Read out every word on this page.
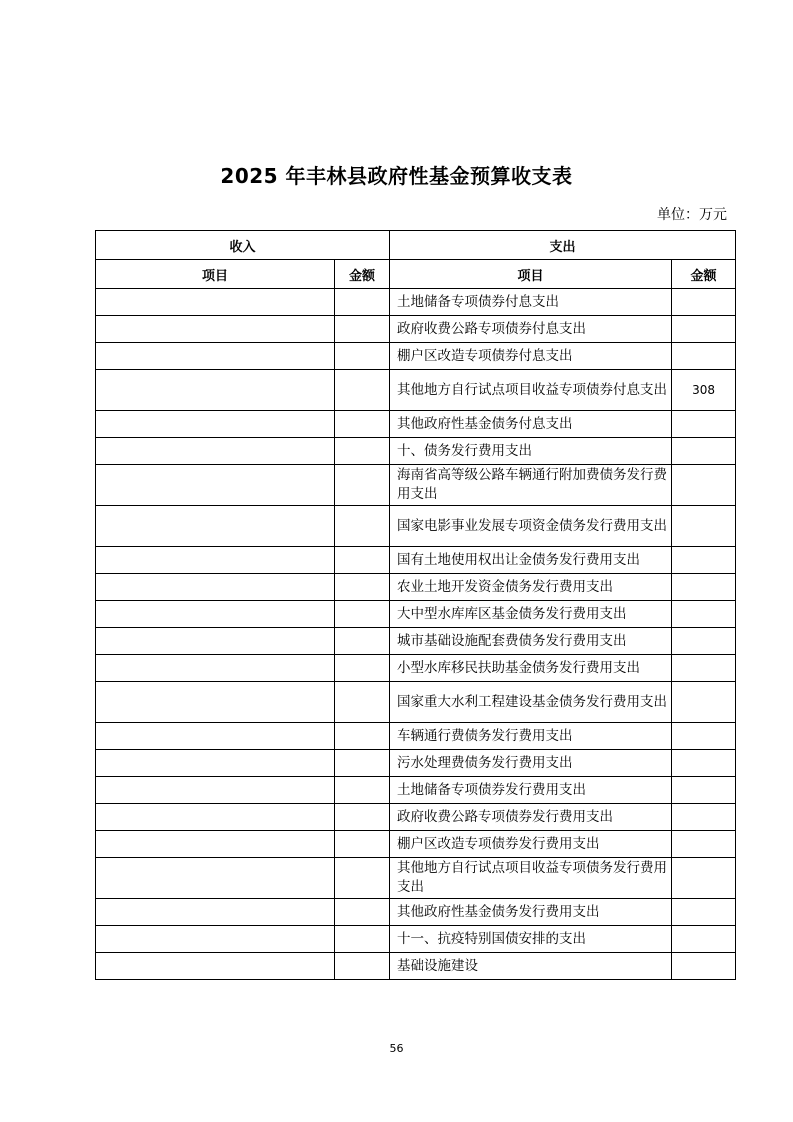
2025 年丰林县政府性基金预算收支表
单位：万元
收入		支出	
项目	金额	项目	金额
		土地储备专项债券付息支出	
		政府收费公路专项债券付息支出	
		棚户区改造专项债券付息支出	
		其他地方自行试点项目收益专项债券付息支出	308
		其他政府性基金债务付息支出	
		十、债务发行费用支出	
		海南省高等级公路车辆通行附加费债务发行费用支出	
		国家电影事业发展专项资金债务发行费用支出	
		国有土地使用权出让金债务发行费用支出	
		农业土地开发资金债务发行费用支出	
		大中型水库库区基金债务发行费用支出	
		城市基础设施配套费债务发行费用支出	
		小型水库移民扶助基金债务发行费用支出	
		国家重大水利工程建设基金债务发行费用支出	
		车辆通行费债务发行费用支出	
		污水处理费债务发行费用支出	
		土地储备专项债券发行费用支出	
		政府收费公路专项债券发行费用支出	
		棚户区改造专项债券发行费用支出	
		其他地方自行试点项目收益专项债务发行费用支出	
		其他政府性基金债务发行费用支出	
		十一、抗疫特别国债安排的支出	
		基础设施建设	
56
